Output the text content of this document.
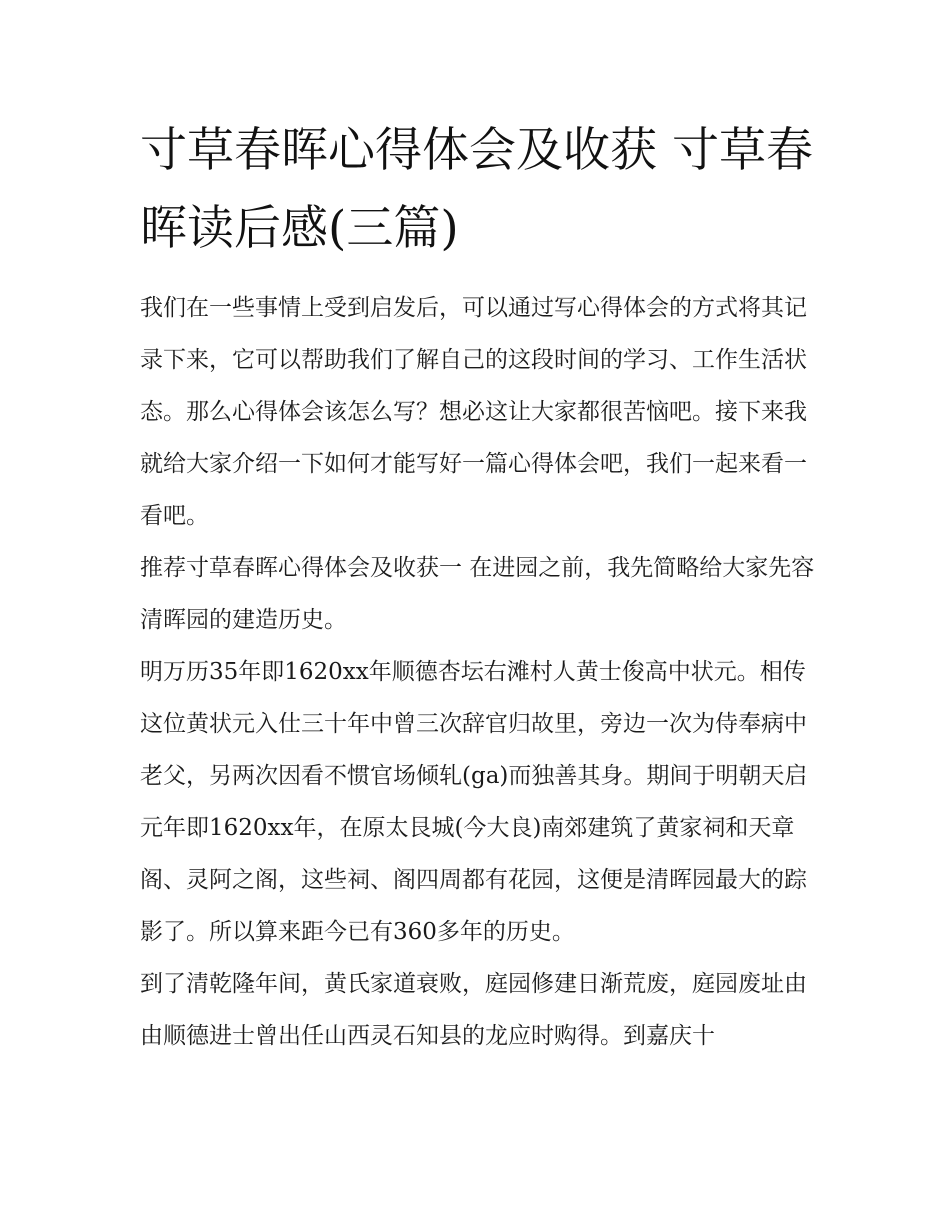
寸草春晖心得体会及收获 寸草春晖读后感(三篇)

我们在一些事情上受到启发后，可以通过写心得体会的方式将其记录下来，它可以帮助我们了解自己的这段时间的学习、工作生活状态。那么心得体会该怎么写？想必这让大家都很苦恼吧。接下来我就给大家介绍一下如何才能写好一篇心得体会吧，我们一起来看一看吧。

推荐寸草春晖心得体会及收获一 在进园之前，我先简略给大家先容清晖园的建造历史。

明万历35年即1620xx年顺德杏坛右滩村人黄士俊高中状元。相传这位黄状元入仕三十年中曾三次辞官归故里，旁边一次为侍奉病中老父，另两次因看不惯官场倾轧(ga)而独善其身。期间于明朝天启元年即1620xx年，在原太艮城(今大良)南郊建筑了黄家祠和天章阁、灵阿之阁，这些祠、阁四周都有花园，这便是清晖园最大的踪影了。所以算来距今已有360多年的历史。

到了清乾隆年间，黄氏家道衰败，庭园修建日渐荒废，庭园废址由由顺德进士曾出任山西灵石知县的龙应时购得。到嘉庆十
